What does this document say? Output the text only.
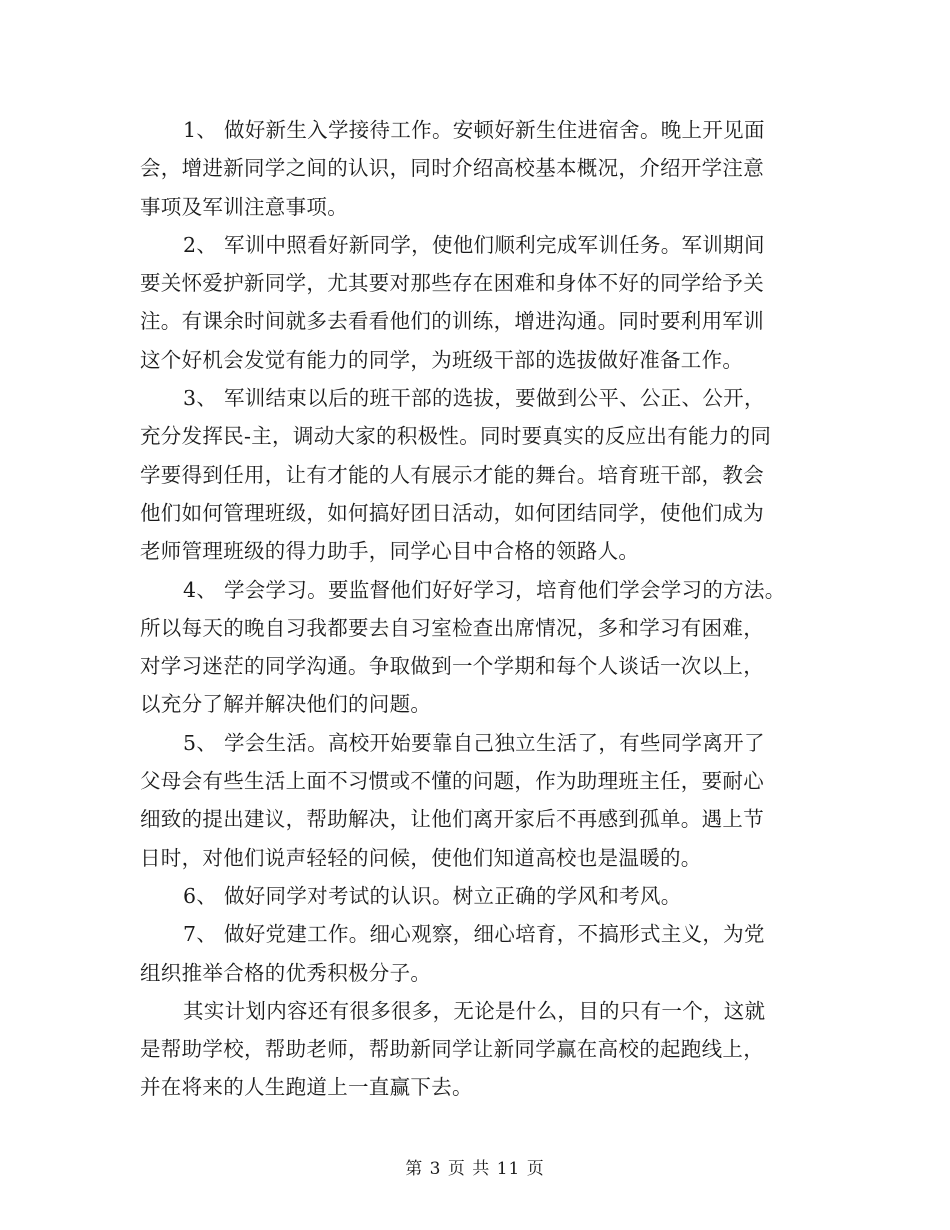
1、 做好新生入学接待工作。安顿好新生住进宿舍。晚上开见面
会，增进新同学之间的认识，同时介绍高校基本概况，介绍开学注意
事项及军训注意事项。
2、 军训中照看好新同学，使他们顺利完成军训任务。军训期间
要关怀爱护新同学，尤其要对那些存在困难和身体不好的同学给予关
注。有课余时间就多去看看他们的训练，增进沟通。同时要利用军训
这个好机会发觉有能力的同学，为班级干部的选拔做好准备工作。
3、 军训结束以后的班干部的选拔，要做到公平、公正、公开，
充分发挥民-主，调动大家的积极性。同时要真实的反应出有能力的同
学要得到任用，让有才能的人有展示才能的舞台。培育班干部，教会
他们如何管理班级，如何搞好团日活动，如何团结同学，使他们成为
老师管理班级的得力助手，同学心目中合格的领路人。
4、 学会学习。要监督他们好好学习，培育他们学会学习的方法。
所以每天的晚自习我都要去自习室检查出席情况，多和学习有困难，
对学习迷茫的同学沟通。争取做到一个学期和每个人谈话一次以上，
以充分了解并解决他们的问题。
5、 学会生活。高校开始要靠自己独立生活了，有些同学离开了
父母会有些生活上面不习惯或不懂的问题，作为助理班主任，要耐心
细致的提出建议，帮助解决，让他们离开家后不再感到孤单。遇上节
日时，对他们说声轻轻的问候，使他们知道高校也是温暖的。
6、 做好同学对考试的认识。树立正确的学风和考风。
7、 做好党建工作。细心观察，细心培育，不搞形式主义，为党
组织推举合格的优秀积极分子。
其实计划内容还有很多很多，无论是什么，目的只有一个，这就
是帮助学校，帮助老师，帮助新同学让新同学赢在高校的起跑线上，
并在将来的人生跑道上一直赢下去。
第 3 页 共 11 页
